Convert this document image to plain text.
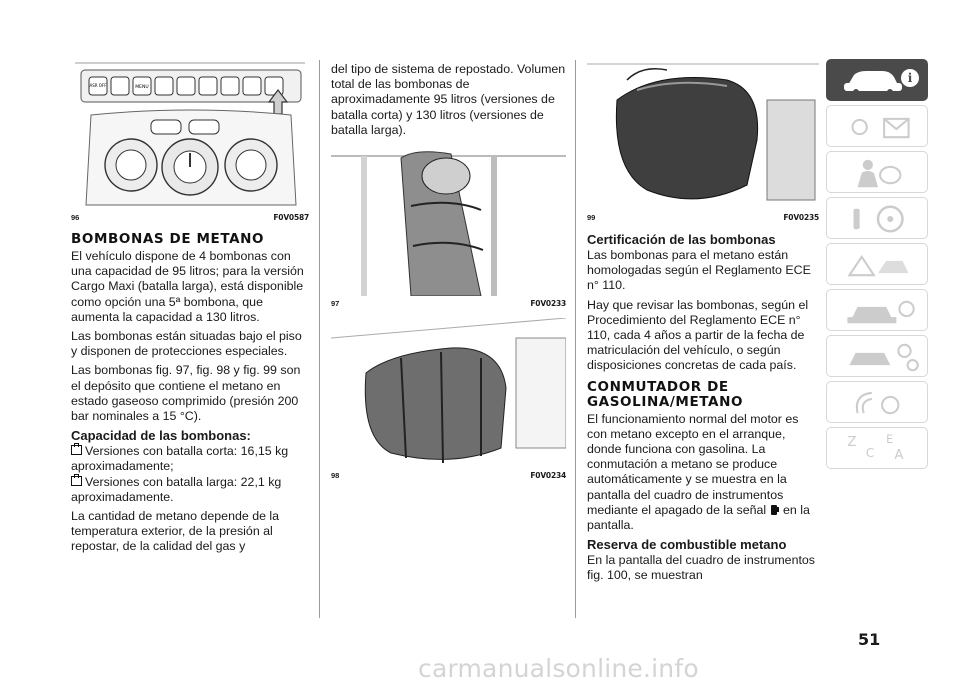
ASR OFF	MENU
96	F0V0587
BOMBONAS DE METANO

El vehículo dispone de 4 bombonas con una capacidad de 95 litros; para la versión Cargo Maxi (batalla larga), está disponible como opción una 5ª bombona, que aumenta la capacidad a 130 litros.

Las bombonas están situadas bajo el piso y disponen de protecciones especiales.

Las bombonas fig. 97, fig. 98 y fig. 99 son el depósito que contiene el metano en estado gaseoso comprimido (presión 200 bar nominales a 15 °C).

Capacidad de las bombonas:
Versiones con batalla corta: 16,15 kg aproximadamente;
Versiones con batalla larga: 22,1 kg aproximadamente.

La cantidad de metano depende de la temperatura exterior, de la presión al repostar, de la calidad del gas y

del tipo de sistema de repostado. Volumen total de las bombonas de aproximadamente 95 litros (versiones de batalla corta) y 130 litros (versiones de batalla larga).

97	F0V0233
98	F0V0234
99	F0V0235
Certificación de las bombonas

Las bombonas para el metano están homologadas según el Reglamento ECE n° 110.

Hay que revisar las bombonas, según el Procedimiento del Reglamento ECE n° 110, cada 4 años a partir de la fecha de matriculación del vehículo, o según disposiciones concretas de cada país.

CONMUTADOR DE GASOLINA/METANO

El funcionamiento normal del motor es con metano excepto en el arranque, donde funciona con gasolina. La conmutación a metano se produce automáticamente y se muestra en la pantalla del cuadro de instrumentos mediante el apagado de la señal en la pantalla.

Reserva de combustible metano

En la pantalla del cuadro de instrumentos fig. 100, se muestran

i
Z	E
C A
51
carmanualsonline.info
